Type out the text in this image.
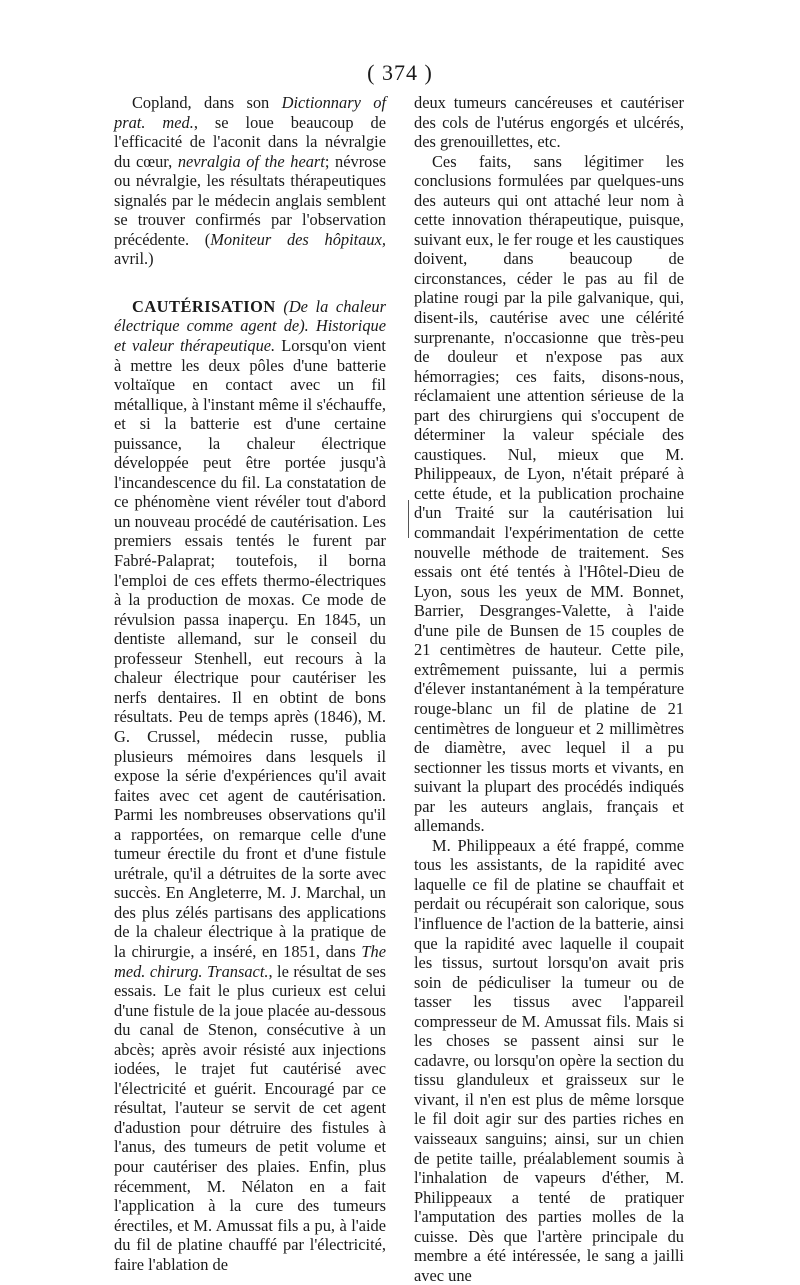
( 374 )

Copland, dans son Dictionnary of prat. med., se loue beaucoup de l'efficacité de l'aconit dans la névralgie du cœur, nevralgia of the heart; névrose ou névralgie, les résultats thérapeutiques signalés par le médecin anglais semblent se trouver confirmés par l'observation précédente. (Moniteur des hôpitaux, avril.)

CAUTÉRISATION (De la chaleur électrique comme agent de). Historique et valeur thérapeutique. Lorsqu'on vient à mettre les deux pôles d'une batterie voltaïque en contact avec un fil métallique, à l'instant même il s'échauffe, et si la batterie est d'une certaine puissance, la chaleur électrique développée peut être portée jusqu'à l'incandescence du fil. La constatation de ce phénomène vient révéler tout d'abord un nouveau procédé de cautérisation. Les premiers essais tentés le furent par Fabré-Palaprat; toutefois, il borna l'emploi de ces effets thermo-électriques à la production de moxas. Ce mode de révulsion passa inaperçu. En 1845, un dentiste allemand, sur le conseil du professeur Stenhell, eut recours à la chaleur électrique pour cautériser les nerfs dentaires. Il en obtint de bons résultats. Peu de temps après (1846), M. G. Crussel, médecin russe, publia plusieurs mémoires dans lesquels il expose la série d'expériences qu'il avait faites avec cet agent de cautérisation. Parmi les nombreuses observations qu'il a rapportées, on remarque celle d'une tumeur érectile du front et d'une fistule urétrale, qu'il a détruites de la sorte avec succès. En Angleterre, M. J. Marchal, un des plus zélés partisans des applications de la chaleur électrique à la pratique de la chirurgie, a inséré, en 1851, dans The med. chirurg. Transact., le résultat de ses essais. Le fait le plus curieux est celui d'une fistule de la joue placée au-dessous du canal de Stenon, consécutive à un abcès; après avoir résisté aux injections iodées, le trajet fut cautérisé avec l'électricité et guérit. Encouragé par ce résultat, l'auteur se servit de cet agent d'adustion pour détruire des fistules à l'anus, des tumeurs de petit volume et pour cautériser des plaies. Enfin, plus récemment, M. Nélaton en a fait l'application à la cure des tumeurs érectiles, et M. Amussat fils a pu, à l'aide du fil de platine chauffé par l'électricité, faire l'ablation de

deux tumeurs cancéreuses et cautériser des cols de l'utérus engorgés et ulcérés, des grenouillettes, etc.

Ces faits, sans légitimer les conclusions formulées par quelques-uns des auteurs qui ont attaché leur nom à cette innovation thérapeutique, puisque, suivant eux, le fer rouge et les caustiques doivent, dans beaucoup de circonstances, céder le pas au fil de platine rougi par la pile galvanique, qui, disent-ils, cautérise avec une célérité surprenante, n'occasionne que très-peu de douleur et n'expose pas aux hémorragies; ces faits, disons-nous, réclamaient une attention sérieuse de la part des chirurgiens qui s'occupent de déterminer la valeur spéciale des caustiques. Nul, mieux que M. Philippeaux, de Lyon, n'était préparé à cette étude, et la publication prochaine d'un Traité sur la cautérisation lui commandait l'expérimentation de cette nouvelle méthode de traitement. Ses essais ont été tentés à l'Hôtel-Dieu de Lyon, sous les yeux de MM. Bonnet, Barrier, Desgranges-Valette, à l'aide d'une pile de Bunsen de 15 couples de 21 centimètres de hauteur. Cette pile, extrêmement puissante, lui a permis d'élever instantanément à la température rouge-blanc un fil de platine de 21 centimètres de longueur et 2 millimètres de diamètre, avec lequel il a pu sectionner les tissus morts et vivants, en suivant la plupart des procédés indiqués par les auteurs anglais, français et allemands.

M. Philippeaux a été frappé, comme tous les assistants, de la rapidité avec laquelle ce fil de platine se chauffait et perdait ou récupérait son calorique, sous l'influence de l'action de la batterie, ainsi que la rapidité avec laquelle il coupait les tissus, surtout lorsqu'on avait pris soin de pédiculiser la tumeur ou de tasser les tissus avec l'appareil compresseur de M. Amussat fils. Mais si les choses se passent ainsi sur le cadavre, ou lorsqu'on opère la section du tissu glanduleux et graisseux sur le vivant, il n'en est plus de même lorsque le fil doit agir sur des parties riches en vaisseaux sanguins; ainsi, sur un chien de petite taille, préalablement soumis à l'inhalation de vapeurs d'éther, M. Philippeaux a tenté de pratiquer l'amputation des parties molles de la cuisse. Dès que l'artère principale du membre a été intéressée, le sang a jailli avec une
